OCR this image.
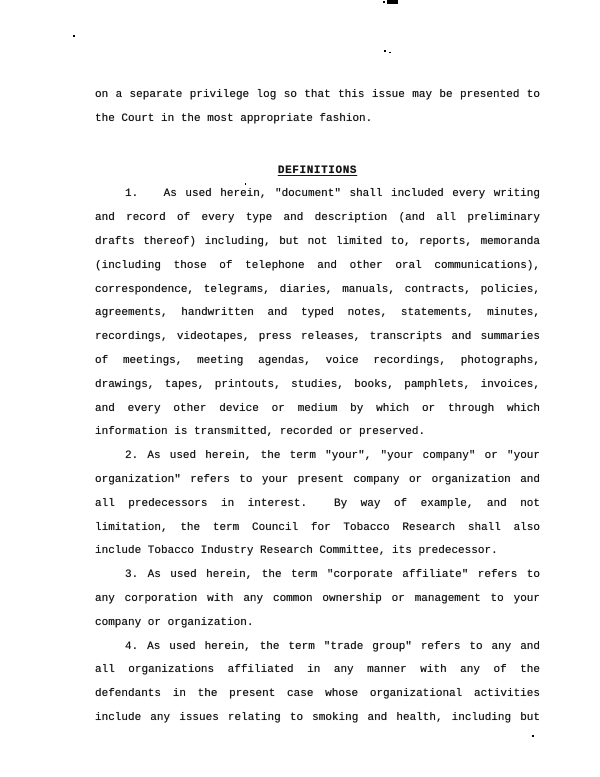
on a separate privilege log so that this issue may be presented to
the Court in the most appropriate fashion.
DEFINITIONS
1.   As used herein, "document" shall included every writing
and record of every type and description (and all preliminary
drafts thereof) including, but not limited to, reports, memoranda
(including those of telephone and other oral communications),
correspondence, telegrams, diaries, manuals, contracts, policies,
agreements, handwritten and typed notes, statements, minutes,
recordings, videotapes, press releases, transcripts and summaries
of meetings, meeting agendas, voice recordings, photographs,
drawings, tapes, printouts, studies, books, pamphlets, invoices,
and every other device or medium by which or through which
information is transmitted, recorded or preserved.
2. As used herein, the term "your", "your company" or "your
organization" refers to your present company or organization and
all predecessors in interest.  By way of example, and not
limitation, the term Council for Tobacco Research shall also
include Tobacco Industry Research Committee, its predecessor.
3. As used herein, the term "corporate affiliate" refers to
any corporation with any common ownership or management to your
company or organization.
4. As used herein, the term "trade group" refers to any and
all organizations affiliated in any manner with any of the
defendants in the present case whose organizational activities
include any issues relating to smoking and health, including but
